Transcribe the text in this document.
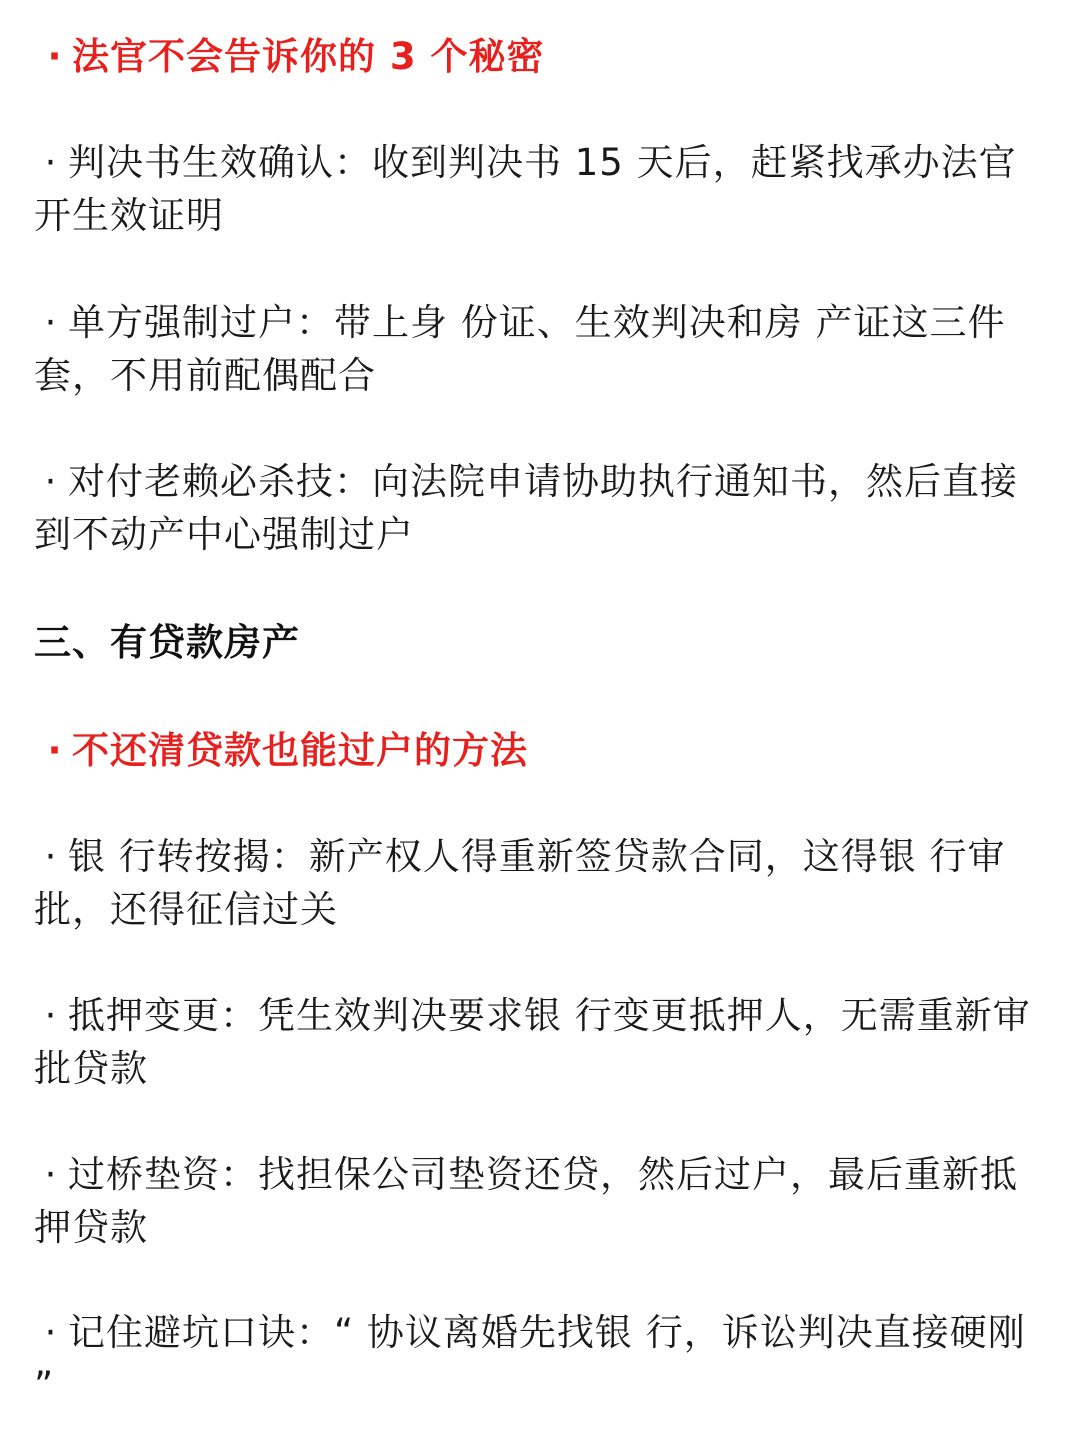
· 法官不会告诉你的 3 个秘密

· 判决书生效确认：收到判决书 15 天后，赶紧找承办法官开生效证明

· 单方强制过户：带上身 份证、生效判决和房 产证这三件套，不用前配偶配合

· 对付老赖必杀技：向法院申请协助执行通知书，然后直接到不动产中心强制过户

三、有贷款房产

· 不还清贷款也能过户的方法

· 银 行转按揭：新产权人得重新签贷款合同，这得银 行审批，还得征信过关

· 抵押变更：凭生效判决要求银 行变更抵押人，无需重新审批贷款

· 过桥垫资：找担保公司垫资还贷，然后过户，最后重新抵押贷款

· 记住避坑口诀：“ 协议离婚先找银 行，诉讼判决直接硬刚 ”
